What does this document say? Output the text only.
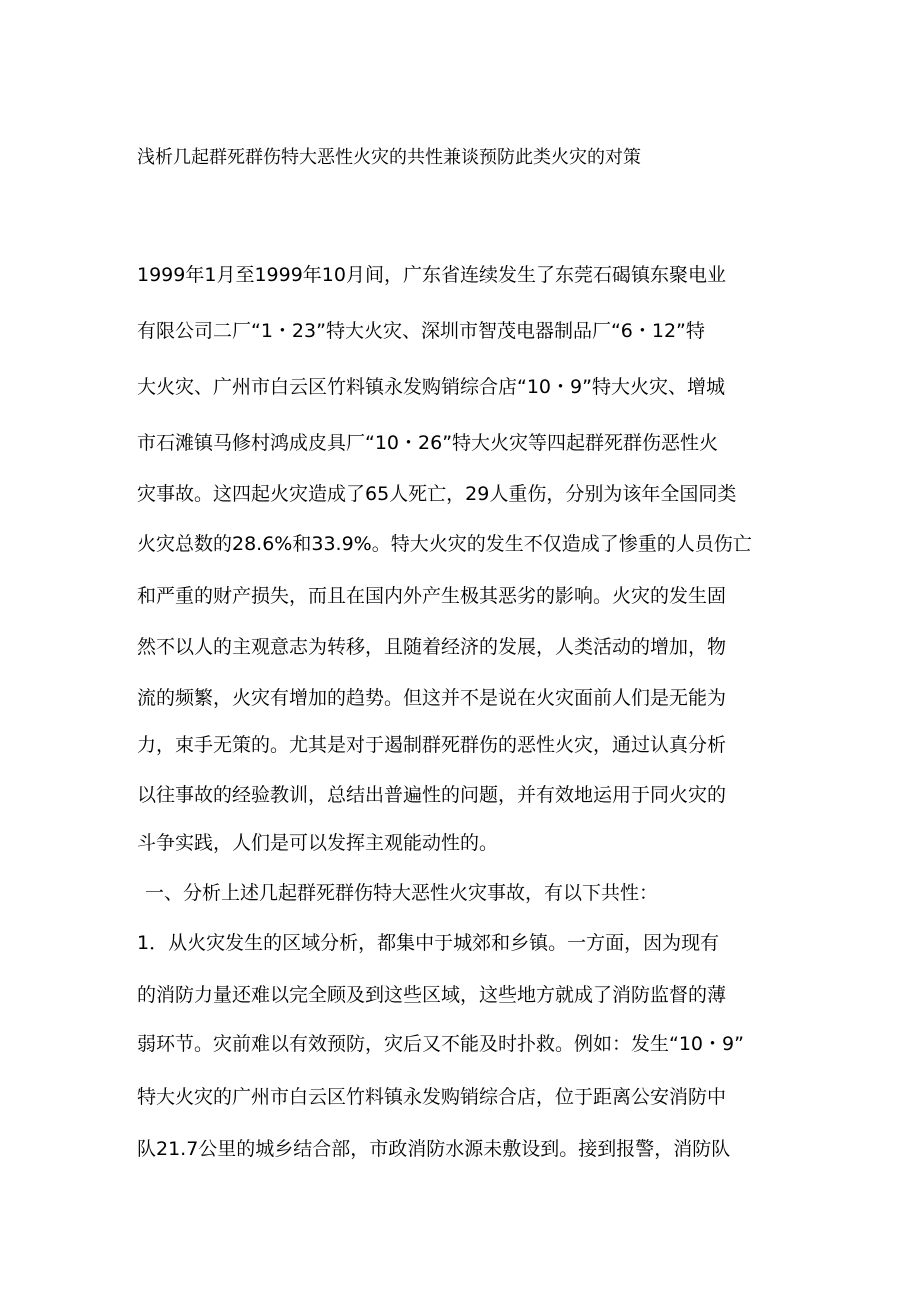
浅析几起群死群伤特大恶性火灾的共性兼谈预防此类火灾的对策
1999年1月至1999年10月间，广东省连续发生了东莞石碣镇东聚电业
有限公司二厂“1・23”特大火灾、深圳市智茂电器制品厂“6・12”特
大火灾、广州市白云区竹料镇永发购销综合店“10・9”特大火灾、增城
市石滩镇马修村鸿成皮具厂“10・26”特大火灾等四起群死群伤恶性火
灾事故。这四起火灾造成了65人死亡，29人重伤，分别为该年全国同类
火灾总数的28.6%和33.9%。特大火灾的发生不仅造成了惨重的人员伤亡
和严重的财产损失，而且在国内外产生极其恶劣的影响。火灾的发生固
然不以人的主观意志为转移，且随着经济的发展，人类活动的增加，物
流的频繁，火灾有增加的趋势。但这并不是说在火灾面前人们是无能为
力，束手无策的。尤其是对于遏制群死群伤的恶性火灾，通过认真分析
以往事故的经验教训，总结出普遍性的问题，并有效地运用于同火灾的
斗争实践，人们是可以发挥主观能动性的。
一、分析上述几起群死群伤特大恶性火灾事故，有以下共性：
1．从火灾发生的区域分析，都集中于城郊和乡镇。一方面，因为现有
的消防力量还难以完全顾及到这些区域，这些地方就成了消防监督的薄
弱环节。灾前难以有效预防，灾后又不能及时扑救。例如：发生“10・9”
特大火灾的广州市白云区竹料镇永发购销综合店，位于距离公安消防中
队21.7公里的城乡结合部，市政消防水源未敷设到。接到报警，消防队
